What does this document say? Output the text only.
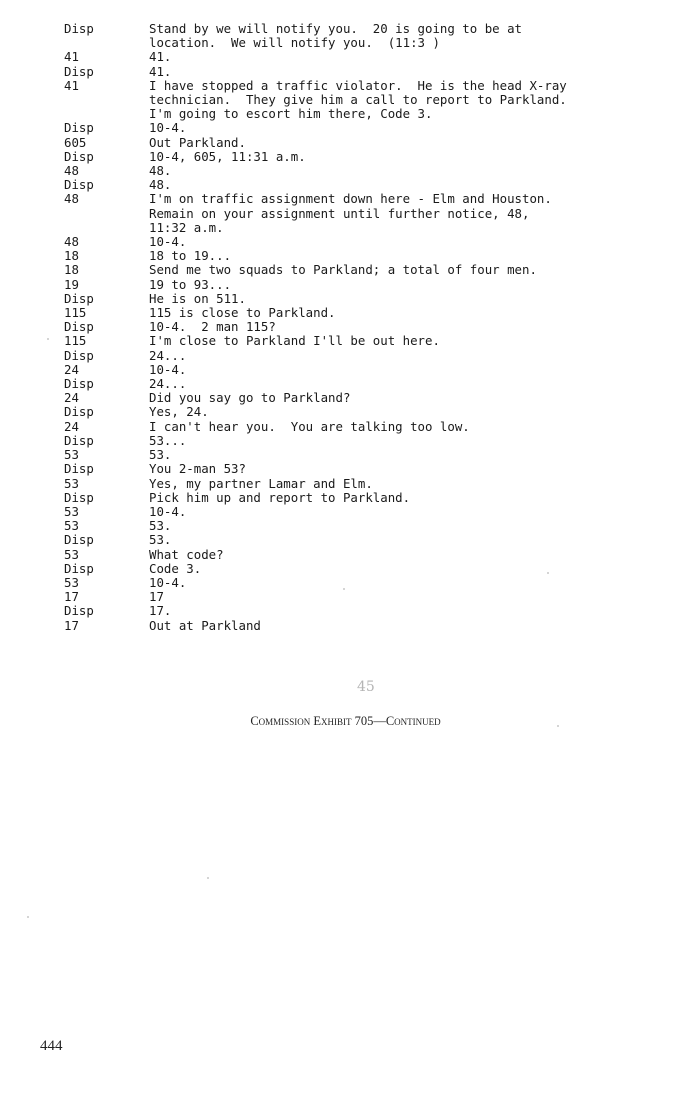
Disp	Stand by we will notify you.  20 is going to be at
location.  We will notify you.  (11:3 )
41	41.
Disp	41.
41	I have stopped a traffic violator.  He is the head X-ray
technician.  They give him a call to report to Parkland.
I'm going to escort him there, Code 3.
Disp	10-4.
605	Out Parkland.
Disp	10-4, 605, 11:31 a.m.
48	48.
Disp	48.
48	I'm on traffic assignment down here - Elm and Houston.
Remain on your assignment until further notice, 48,
11:32 a.m.
48	10-4.
18	18 to 19...
18	Send me two squads to Parkland; a total of four men.
19	19 to 93...
Disp	He is on 511.
115	115 is close to Parkland.
Disp	10-4.  2 man 115?
115	I'm close to Parkland I'll be out here.
Disp	24...
24	10-4.
Disp	24...
24	Did you say go to Parkland?
Disp	Yes, 24.
24	I can't hear you.  You are talking too low.
Disp	53...
53	53.
Disp	You 2-man 53?
53	Yes, my partner Lamar and Elm.
Disp	Pick him up and report to Parkland.
53	10-4.
53	53.
Disp	53.
53	What code?
Disp	Code 3.
53	10-4.
17	17
Disp	17.
17	Out at Parkland
45
Commission Exhibit 705—Continued
444
